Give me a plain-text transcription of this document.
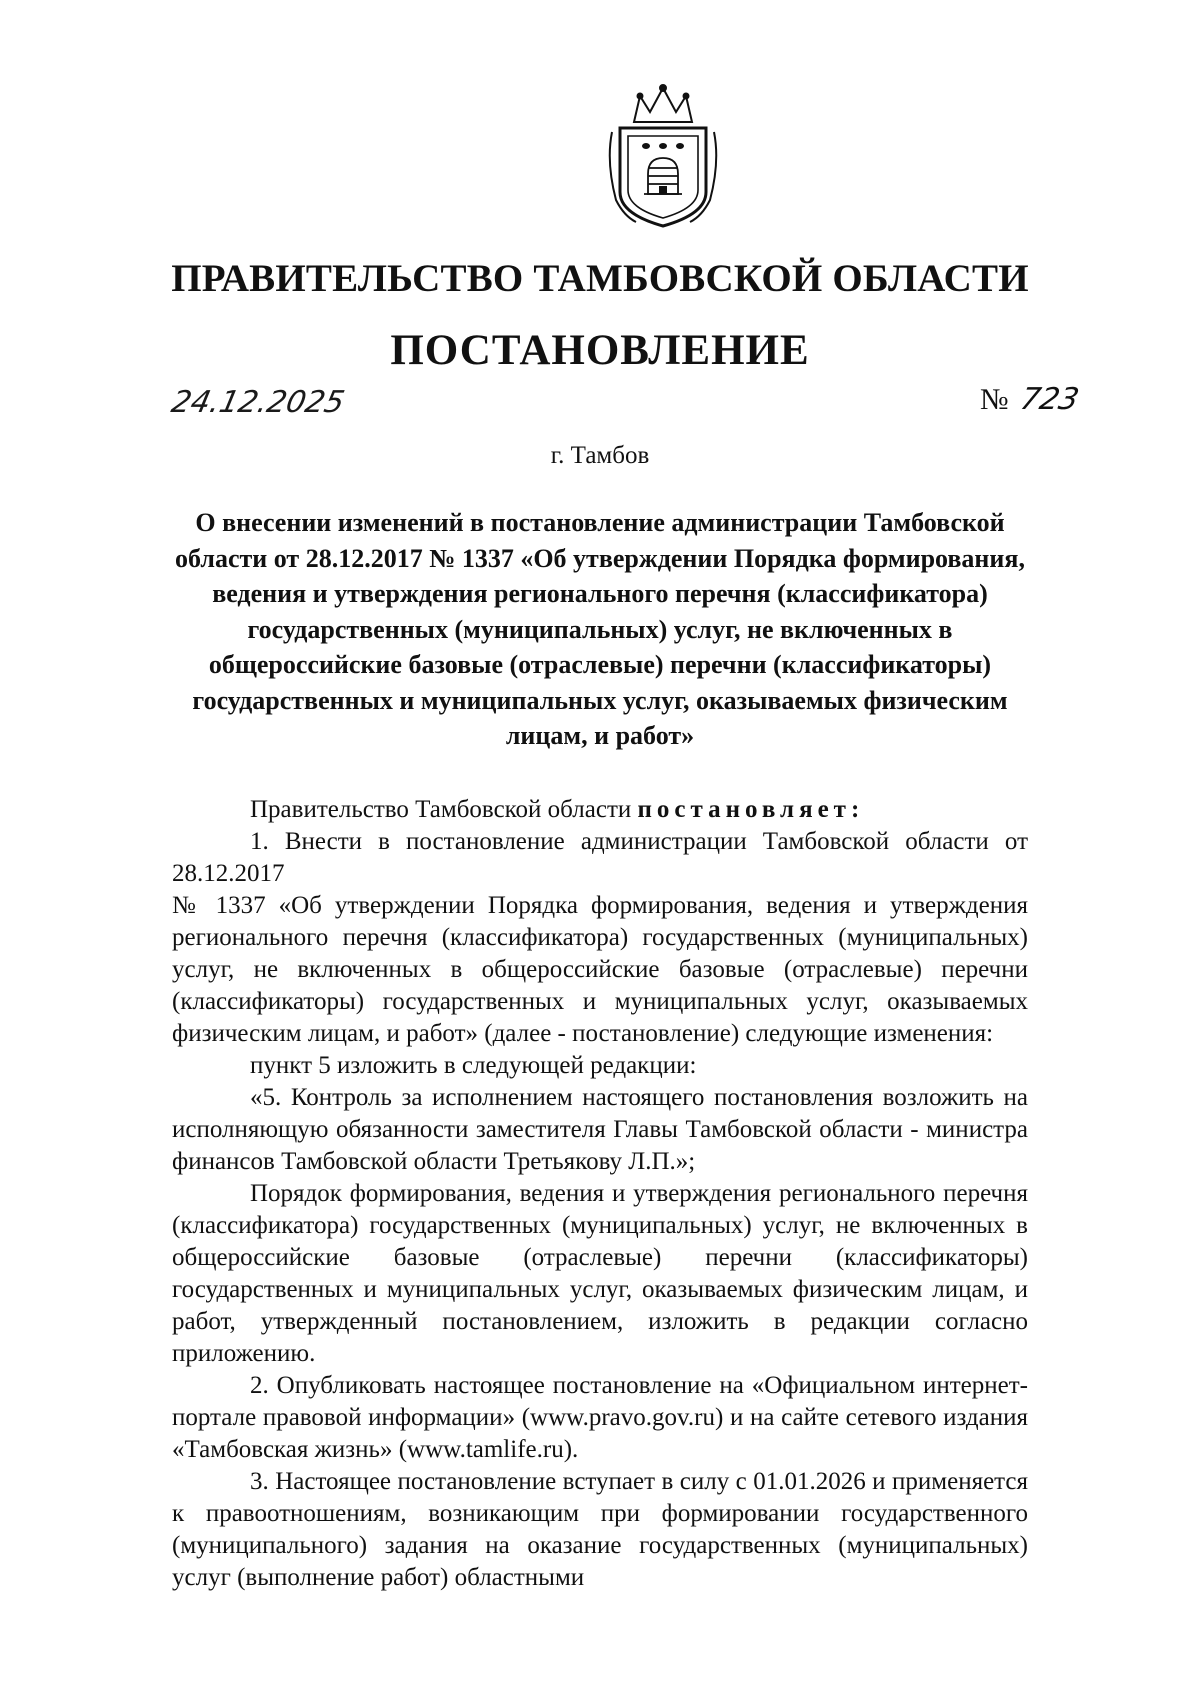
ПРАВИТЕЛЬСТВО ТАМБОВСКОЙ ОБЛАСТИ
ПОСТАНОВЛЕНИЕ
24.12.2025	№ 723
г. Тамбов
О внесении изменений в постановление администрации Тамбовской
области от 28.12.2017 № 1337 «Об утверждении Порядка формирования,
ведения и утверждения регионального перечня (классификатора)
государственных (муниципальных) услуг, не включенных в
общероссийские базовые (отраслевые) перечни (классификаторы)
государственных и муниципальных услуг, оказываемых физическим
лицам, и работ»

Правительство Тамбовской области постановляет:

1. Внести в постановление администрации Тамбовской области от 28.12.2017

№ 1337 «Об утверждении Порядка формирования, ведения и утверждения регионального перечня (классификатора) государственных (муниципальных) услуг, не включенных в общероссийские базовые (отраслевые) перечни (классификаторы) государственных и муниципальных услуг, оказываемых физическим лицам, и работ» (далее - постановление) следующие изменения:

пункт 5 изложить в следующей редакции:

«5. Контроль за исполнением настоящего постановления возложить на исполняющую обязанности заместителя Главы Тамбовской области - министра финансов Тамбовской области Третьякову Л.П.»;

Порядок формирования, ведения и утверждения регионального перечня (классификатора) государственных (муниципальных) услуг, не включенных в общероссийские базовые (отраслевые) перечни (классификаторы) государственных и муниципальных услуг, оказываемых физическим лицам, и работ, утвержденный постановлением, изложить в редакции согласно приложению.

2. Опубликовать настоящее постановление на «Официальном интернет-портале правовой информации» (www.pravo.gov.ru) и на сайте сетевого издания «Тамбовская жизнь» (www.tamlife.ru).

3. Настоящее постановление вступает в силу с 01.01.2026 и применяется к правоотношениям, возникающим при формировании государственного (муниципального) задания на оказание государственных (муниципальных) услуг (выполнение работ) областными
